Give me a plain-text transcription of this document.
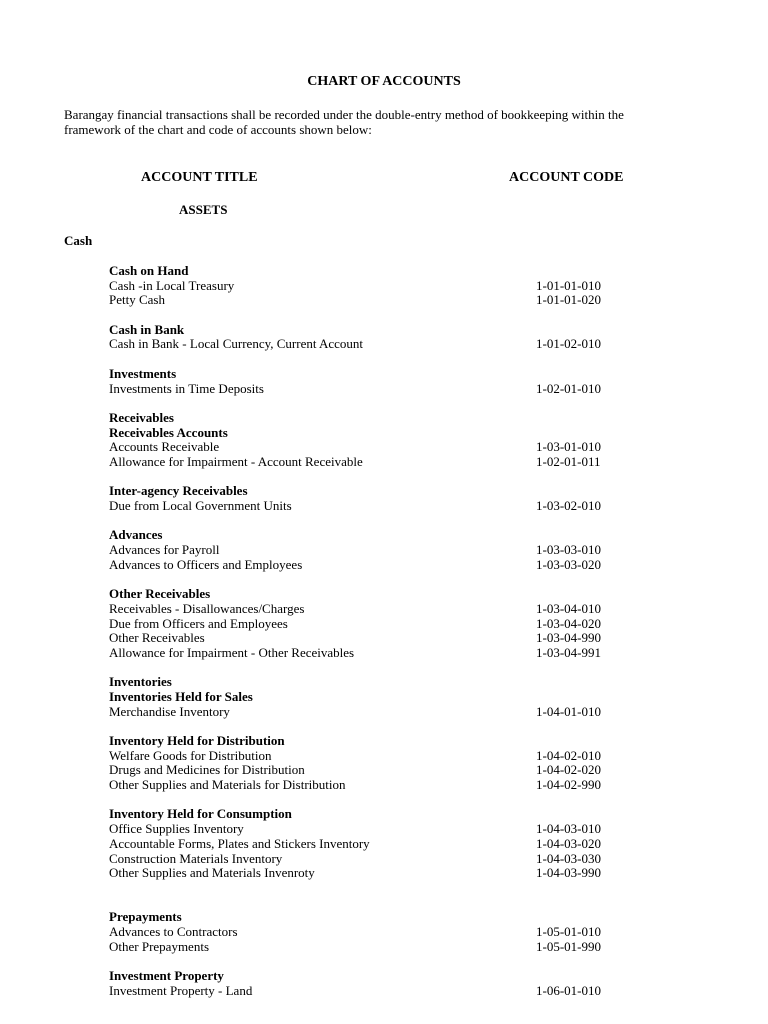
CHART OF ACCOUNTS
Barangay financial transactions shall be recorded under the double-entry method of bookkeeping within the framework of the chart and code of accounts shown below:
ACCOUNT TITLE	ACCOUNT CODE
ASSETS
Cash
Cash on Hand
Cash -in Local Treasury	1-01-01-010
Petty Cash	1-01-01-020
Cash in Bank
Cash in Bank - Local Currency, Current Account	1-01-02-010
Investments
Investments in Time Deposits	1-02-01-010
Receivables
Receivables Accounts
Accounts Receivable	1-03-01-010
Allowance for Impairment - Account Receivable	1-02-01-011
Inter-agency Receivables
Due from Local Government Units	1-03-02-010
Advances
Advances for Payroll	1-03-03-010
Advances to Officers and Employees	1-03-03-020
Other Receivables
Receivables - Disallowances/Charges	1-03-04-010
Due from Officers and Employees	1-03-04-020
Other Receivables	1-03-04-990
Allowance for Impairment - Other Receivables	1-03-04-991
Inventories
Inventories Held for Sales
Merchandise Inventory	1-04-01-010
Inventory Held for Distribution
Welfare Goods for Distribution	1-04-02-010
Drugs and Medicines for Distribution	1-04-02-020
Other Supplies and Materials for Distribution	1-04-02-990
Inventory Held for Consumption
Office Supplies Inventory	1-04-03-010
Accountable Forms, Plates and Stickers Inventory	1-04-03-020
Construction Materials Inventory	1-04-03-030
Other Supplies and Materials Invenroty	1-04-03-990
Prepayments
Advances to Contractors	1-05-01-010
Other Prepayments	1-05-01-990
Investment Property
Investment Property - Land	1-06-01-010
